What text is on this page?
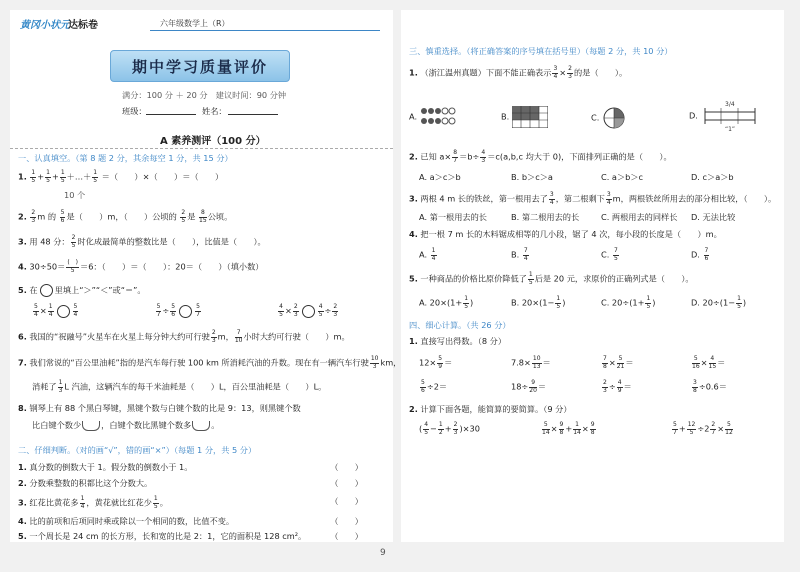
黄冈小状元
达标卷	六年级数学上（R）
期中学习质量评价
满分：100 分 ＋ 20 分　建议时间：90 分钟
班级：	姓名：
A 素养测评（100 分）
一、认真填空。（第 8 题 2 分，其余每空 1 分，共 15 分）
1. $\frac{1}{5} + \frac{1}{5} + \frac{1}{5}$ ＋…＋ $\frac{1}{5}$ ＝（　　）×（　　）＝（　　）
10 个
2. $\frac{2}{3}$ m 的 $\frac{5}{6}$ 是（　　）m，（　　）公顷的 $\frac{2}{5}$ 是 $\frac{8}{15}$ 公顷。
3. 用 48 分： $\frac{2}{5}$ 时化成最简单的整数比是（　　），比值是（　　）。
4. $30\div 50= \frac{( )}{5} =6$：（　　）＝（　　）：20＝（　　）（填小数）
5. 在 里填上“＞”“＜”或“＝”。
$\frac{5}{4} \times \frac{1}{4}$	$\frac{5}{4}$
	$\frac{5}{7} \div \frac{5}{6}$	$\frac{5}{7}$
	$\frac{4}{5} \times \frac{2}{3}$	$\frac{4}{5} \div \frac{2}{3}$
6. 我国的“祝融号”火星车在火星上每分钟大约可行驶 $\frac{2}{3}$ m， $\frac{7}{10}$ 小时大约可行驶（　　）m。
7. 我们常说的“百公里油耗”指的是汽车每行驶 100 km 所消耗汽油的升数。现在有一辆汽车行驶 $\frac{10}{3}$ km，
消耗了 $\frac{1}{3}$ L 汽油，这辆汽车的每千米油耗是（　　）L，百公里油耗是（　　）L。
8. 钢琴上有 88 个黑白琴键，黑键个数与白键个数的比是 9：13，则黑键个数
比白键个数少 ，白键个数比黑键个数多 。
二、仔细判断。（对的画“√”，错的画“×”）（每题 1 分，共 5 分）
1. 真分数的倒数大于 1。假分数的倒数小于 1。	（　　）
2. 分数乘整数的积都比这个分数大。	（　　）
3. 红花比黄花多 $\frac{1}{4}$ ，黄花就比红花少 $\frac{1}{5}$ 。	（　　）
4. 比的前项和后项同时乘或除以一个相同的数，比值不变。	（　　）
5. 一个周长是 24 cm 的长方形，长和宽的比是 2：1，它的面积是 128 cm²。	（　　）
三、慎重选择。（将正确答案的序号填在括号里）（每题 2 分，共 10 分）
1. （浙江温州真题）下面不能正确表示 $\frac{3}{4} \times \frac{2}{3}$ 的是（　　）。
A.	B.	C.	D.
3/4
“1”
2. 已知 $a\times \frac{8}{7} =b\div \frac{4}{3} =c(a,b,c$ 均大于 0)，下面排列正确的是（　　）。
A. a＞c＞b	B. b＞c＞a	C. a＞b＞c	D. c＞a＞b
3. 两根 4 m 长的铁丝，第一根用去了 $\frac{3}{4}$ ，第二根剩下 $\frac{3}{4}$ m，两根铁丝所用去的部分相比较，（　　）。
A. 第一根用去的长	B. 第二根用去的长	C. 两根用去的同样长 D. 无法比较
4. 把一根 7 m 长的木料锯成相等的几小段，锯了 4 次，每小段的长度是（　　）m。
A. $\frac{1}{4}$	B. $\frac{7}{4}$	C. $\frac{7}{5}$	D. $\frac{7}{6}$
5. 一种商品的价格比原价降低了 $\frac{1}{5}$ 后是 20 元，求原价的正确列式是（　　）。
A. $20\times(1+ \frac{1}{5}$ )	B. $20\times(1- \frac{1}{5}$ )	C. $20\div(1+ \frac{1}{5}$ )	D. $20\div(1- \frac{1}{5}$ )
四、细心计算。（共 26 分）
1. 直接写出得数。（8 分）
$12\times \frac{5}{9}$ ＝	$7.8\times \frac{10}{13}$ ＝	$\frac{7}{8} \times \frac{5}{21}$ ＝	$\frac{5}{16} \times \frac{4}{15}$ ＝
$\frac{5}{6} \div 2=$	$18\div \frac{9}{20}$ ＝	$\frac{2}{3} \div \frac{4}{9}$ ＝	$\frac{3}{8} \div 0.6=$
2. 计算下面各题，能简算的要简算。（9 分）
( $\frac{4}{5} - \frac{1}{2} + \frac{2}{3} )\times 30$	$\frac{5}{14} \times \frac{9}{8} + \frac{1}{14} \times \frac{9}{8}$	$\frac{5}{7} + \frac{12}{5} \div 2 \frac{2}{7} \times \frac{5}{12}$
9
